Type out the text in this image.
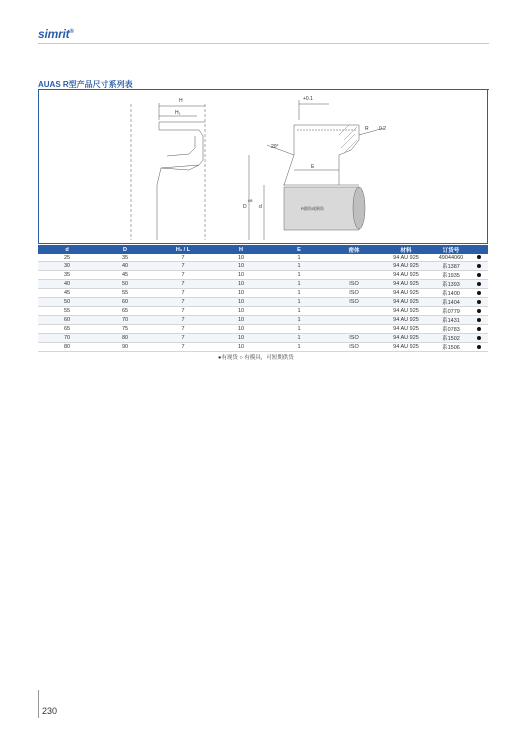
simrit®
AUAS R型产品尺寸系列表
H
H₁
20°
+0.1
R 0.2
E
D
H8
d	R圆角或倒角
d	D	H₁ / L	H	E	密体	材料	订货号	
25	35	7	10	1		94 AU 925	49044060	
30	40	7	10	1		94 AU 925	系1387	
35	45	7	10	1		94 AU 925	系1935	
40	50	7	10	1	ISO	94 AU 925	系1393	
45	55	7	10	1	ISO	94 AU 925	系1400	
50	60	7	10	1	ISO	94 AU 925	系1404	
55	65	7	10	1		94 AU 925	系0779	
60	70	7	10	1		94 AU 925	系1431	
65	75	7	10	1		94 AU 925	系0783	
70	80	7	10	1	ISO	94 AU 925	系1502	
80	90	7	10	1	ISO	94 AU 925	系1506	
●有现货 ○ 有模具，可短期供货
230
